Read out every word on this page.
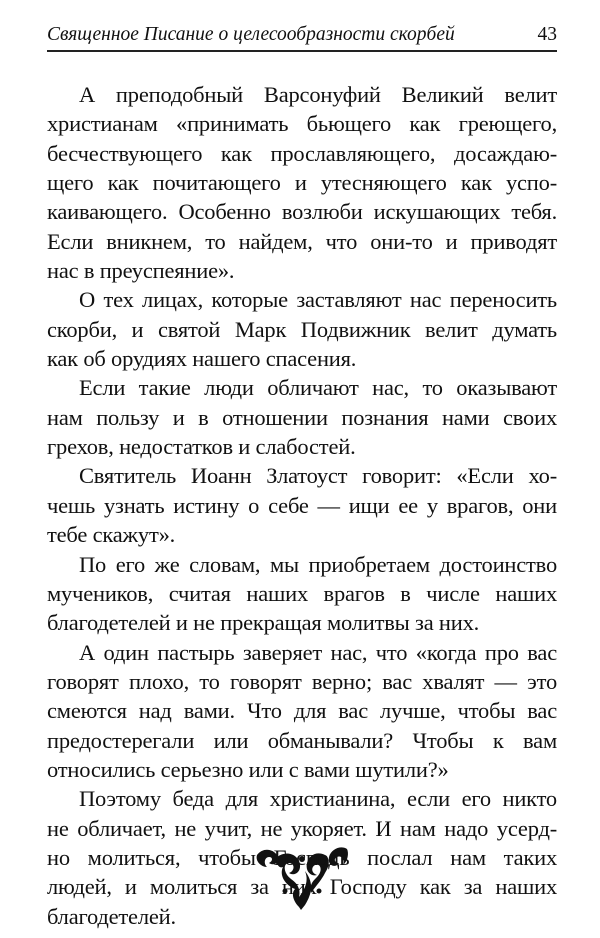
Священное Писание о целесообразности скорбей	43
А преподобный Варсонуфий Великий велит
христианам «принимать бьющего как греющего,
бесчествующего как прославляющего, досаждаю-
щего как почитающего и утесняющего как успо-
каивающего. Особенно возлюби искушающих тебя.
Если вникнем, то найдем, что они-то и приводят
нас в преуспеяние».
О тех лицах, которые заставляют нас переносить
скорби, и святой Марк Подвижник велит думать
как об орудиях нашего спасения.
Если такие люди обличают нас, то оказывают
нам пользу и в отношении познания нами своих
грехов, недостатков и слабостей.
Святитель Иоанн Златоуст говорит: «Если хо-
чешь узнать истину о себе — ищи ее у врагов, они
тебе скажут».
По его же словам, мы приобретаем достоинство
мучеников, считая наших врагов в числе наших
благодетелей и не прекращая молитвы за них.
А один пастырь заверяет нас, что «когда про вас
говорят плохо, то говорят верно; вас хвалят — это
смеются над вами. Что для вас лучше, чтобы вас
предостерегали или обманывали? Чтобы к вам
относились серьезно или с вами шутили?»
Поэтому беда для христианина, если его никто
не обличает, не учит, не укоряет. И нам надо усерд-
но молиться, чтобы Господь послал нам таких
людей, и молиться за них Господу как за наших
благодетелей.
